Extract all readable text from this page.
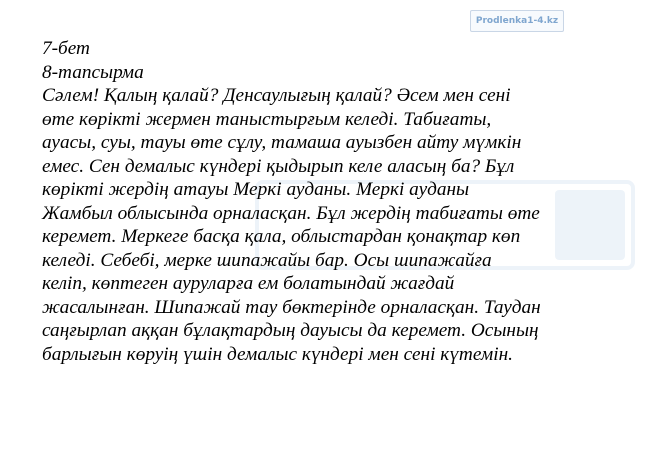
Prodlenka1-4.kz
7-бет
8-тапсырма
Сәлем! Қалың қалай? Денсаулығың қалай? Әсем мен сені
өте көрікті жермен таныстырғым келеді. Табиғаты,
ауасы, суы, тауы өте сұлу, тамаша ауызбен айту мүмкін
емес. Сен демалыс күндері қыдырып келе аласың ба? Бұл
көрікті жердің атауы Меркі ауданы. Меркі ауданы
Жамбыл облысында орналасқан. Бұл жердің табиғаты өте
керемет. Меркеге басқа қала, облыстардан қонақтар көп
келеді. Себебі, мерке шипажайы бар. Осы шипажайға
келіп, көптеген ауруларға ем болатындай жағдай
жасалынған. Шипажай тау бөктерінде орналасқан. Таудан
саңғырлап аққан бұлақтардың дауысы да керемет. Осының
барлығын көруің үшін демалыс күндері мен сені күтемін.
